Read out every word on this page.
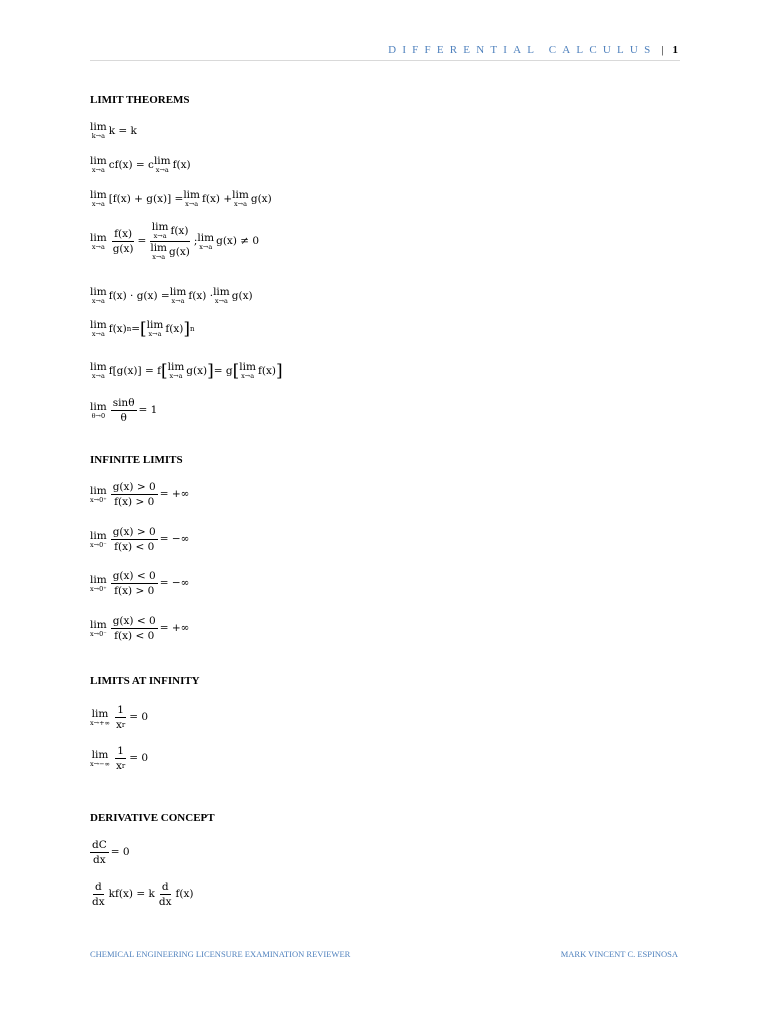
DIFFERENTIAL CALCULUS | 1
LIMIT THEOREMS
lim
k→a k = k
lim
x→a cf(x) = c lim
x→a f(x)
lim
x→a [f(x) + g(x)] = lim
x→a f(x) + lim
x→a g(x)
lim
$x\to a \frac{f(x)}{g(x)} = \lim$
x→a f(x)
lim
x→a g(x) ; lim
x→a g(x) ≠ 0
lim
x→a f(x) · g(x) = lim
x→a f(x) · lim
x→a g(x)
lim
x→a f(x) n = [ lim
x→a f(x) ] n
lim
x→a f[g(x)] = f [ lim
x→a g(x) ] = g [ lim
x→a f(x) ]
lim
$\theta\to 0 \frac{\sin\theta}{\theta} = 1$
INFINITE LIMITS
lim
$x\to 0^+ \frac{g(x) > 0}{f(x) > 0}$ = +∞
lim
$x\to 0^- \frac{g(x) > 0}{f(x) < 0}$ = −∞
lim
$x\to 0^+ \frac{g(x) < 0}{f(x) > 0}$ = −∞
lim
$x\to 0^- \frac{g(x) < 0}{f(x) < 0}$ = +∞
LIMITS AT INFINITY
lim
$x\to+\infty \frac{1}{\text{x r}} = 0$
lim
$x\to-\infty \frac{1}{\text{x r}} = 0$
DERIVATIVE CONCEPT
$\frac{dC}{dx} = 0$
$\frac{d}{dx} kf(x) = k \frac{d}{dx} f(x)$
CHEMICAL ENGINEERING LICENSURE EXAMINATION REVIEWER	MARK VINCENT C. ESPINOSA
